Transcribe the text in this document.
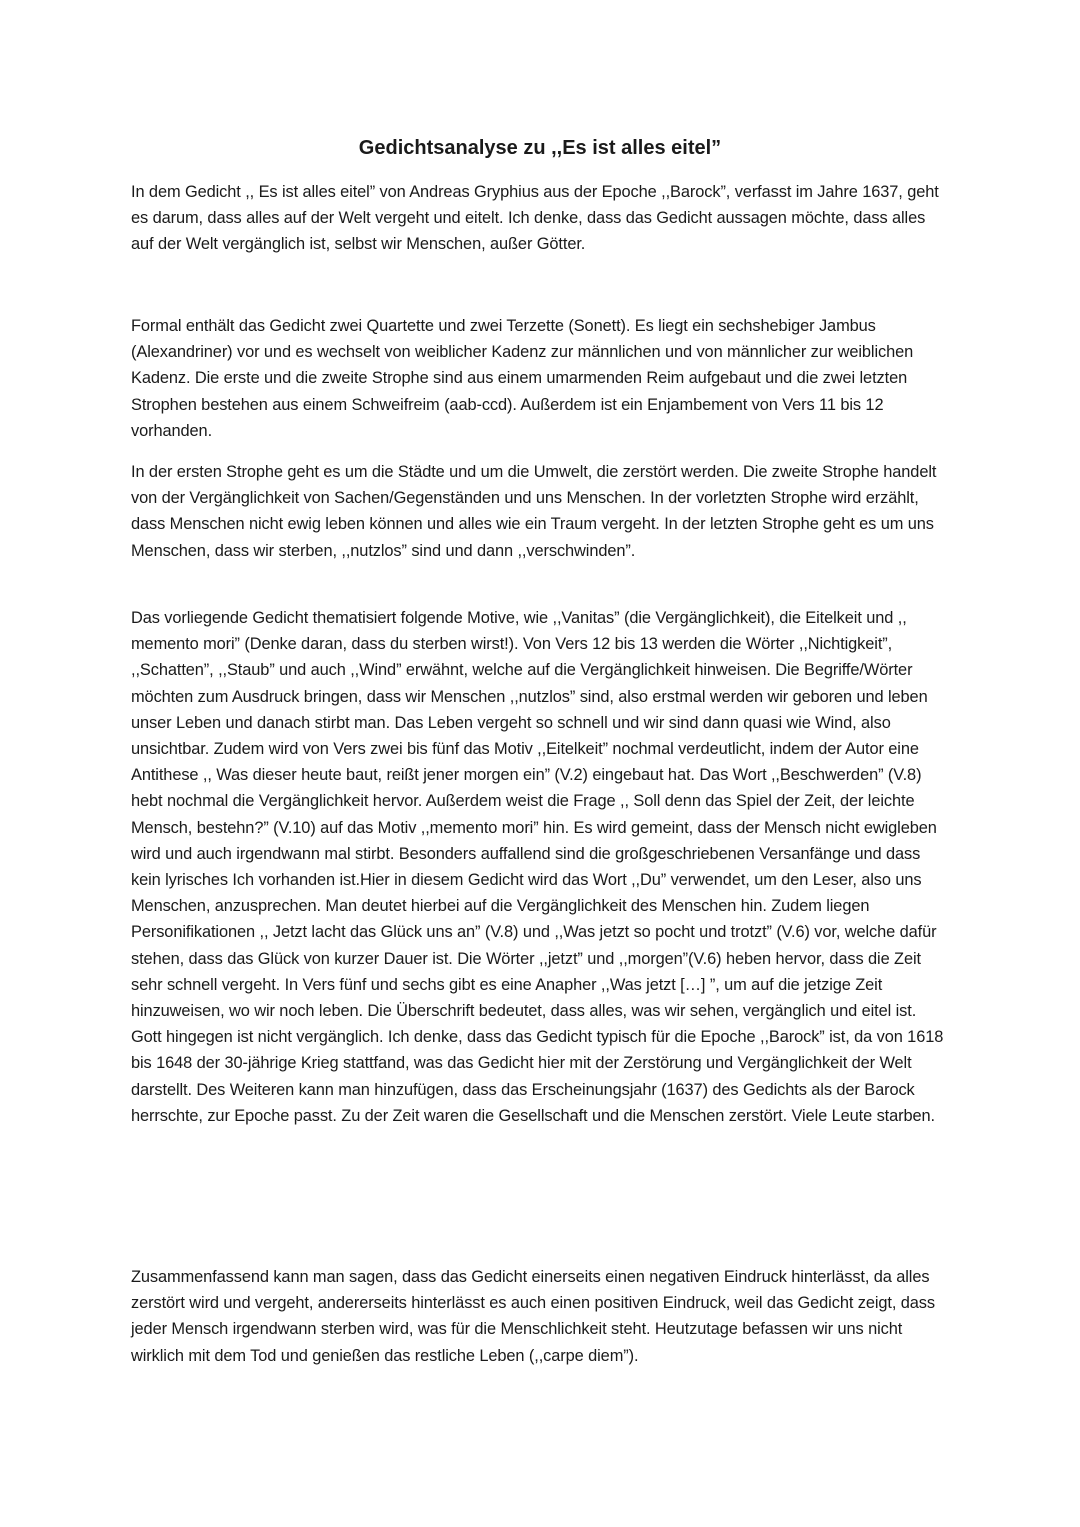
Gedichtsanalyse zu ,,Es ist alles eitel”

In dem Gedicht ,, Es ist alles eitel” von Andreas Gryphius aus der Epoche ,,Barock”, verfasst im Jahre 1637, geht es darum, dass alles auf der Welt vergeht und eitelt. Ich denke, dass das Gedicht aussagen möchte, dass alles auf der Welt vergänglich ist, selbst wir Menschen, außer Götter.

Formal enthält das Gedicht zwei Quartette und zwei Terzette (Sonett). Es liegt ein sechshebiger Jambus (Alexandriner) vor und es wechselt von weiblicher Kadenz zur männlichen und von männlicher zur weiblichen Kadenz. Die erste und die zweite Strophe sind aus einem umarmenden Reim aufgebaut und die zwei letzten Strophen bestehen aus einem Schweifreim (aab-ccd). Außerdem ist ein Enjambement von Vers 11 bis 12 vorhanden.

In der ersten Strophe geht es um die Städte und um die Umwelt, die zerstört werden. Die zweite Strophe handelt von der Vergänglichkeit von Sachen/Gegenständen und uns Menschen. In der vorletzten Strophe wird erzählt, dass Menschen nicht ewig leben können und alles wie ein Traum vergeht. In der letzten Strophe geht es um uns Menschen, dass wir sterben, ,,nutzlos” sind und dann ,,verschwinden”.

Das vorliegende Gedicht thematisiert folgende Motive, wie ,,Vanitas” (die Vergänglichkeit), die Eitelkeit und ,, memento mori” (Denke daran, dass du sterben wirst!). Von Vers 12 bis 13 werden die Wörter ,,Nichtigkeit”, ,,Schatten”, ,,Staub” und auch ,,Wind” erwähnt, welche auf die Vergänglichkeit hinweisen. Die Begriffe/Wörter möchten zum Ausdruck bringen, dass wir Menschen ,,nutzlos” sind, also erstmal werden wir geboren und leben unser Leben und danach stirbt man. Das Leben vergeht so schnell und wir sind dann quasi wie Wind, also unsichtbar. Zudem wird von Vers zwei bis fünf das Motiv ,,Eitelkeit” nochmal verdeutlicht, indem der Autor eine Antithese ,, Was dieser heute baut, reißt jener morgen ein” (V.2) eingebaut hat. Das Wort ,,Beschwerden” (V.8) hebt nochmal die Vergänglichkeit hervor. Außerdem weist die Frage ,, Soll denn das Spiel der Zeit, der leichte Mensch, bestehn?” (V.10) auf das Motiv ,,memento mori” hin. Es wird gemeint, dass der Mensch nicht ewigleben wird und auch irgendwann mal stirbt. Besonders auffallend sind die großgeschriebenen Versanfänge und dass kein lyrisches Ich vorhanden ist.Hier in diesem Gedicht wird das Wort ,,Du” verwendet, um den Leser, also uns Menschen, anzusprechen. Man deutet hierbei auf die Vergänglichkeit des Menschen hin. Zudem liegen Personifikationen ,, Jetzt lacht das Glück uns an” (V.8) und ,,Was jetzt so pocht und trotzt” (V.6) vor, welche dafür stehen, dass das Glück von kurzer Dauer ist. Die Wörter ,,jetzt” und ,,morgen”(V.6) heben hervor, dass die Zeit sehr schnell vergeht. In Vers fünf und sechs gibt es eine Anapher ,,Was jetzt […] ”, um auf die jetzige Zeit hinzuweisen, wo wir noch leben. Die Überschrift bedeutet, dass alles, was wir sehen, vergänglich und eitel ist. Gott hingegen ist nicht vergänglich. Ich denke, dass das Gedicht typisch für die Epoche ,,Barock” ist, da von 1618 bis 1648 der 30-jährige Krieg stattfand, was das Gedicht hier mit der Zerstörung und Vergänglichkeit der Welt darstellt. Des Weiteren kann man hinzufügen, dass das Erscheinungsjahr (1637) des Gedichts als der Barock herrschte, zur Epoche passt. Zu der Zeit waren die Gesellschaft und die Menschen zerstört. Viele Leute starben.

Zusammenfassend kann man sagen, dass das Gedicht einerseits einen negativen Eindruck hinterlässt, da alles zerstört wird und vergeht, andererseits hinterlässt es auch einen positiven Eindruck, weil das Gedicht zeigt, dass jeder Mensch irgendwann sterben wird, was für die Menschlichkeit steht. Heutzutage befassen wir uns nicht wirklich mit dem Tod und genießen das restliche Leben (,,carpe diem”).
